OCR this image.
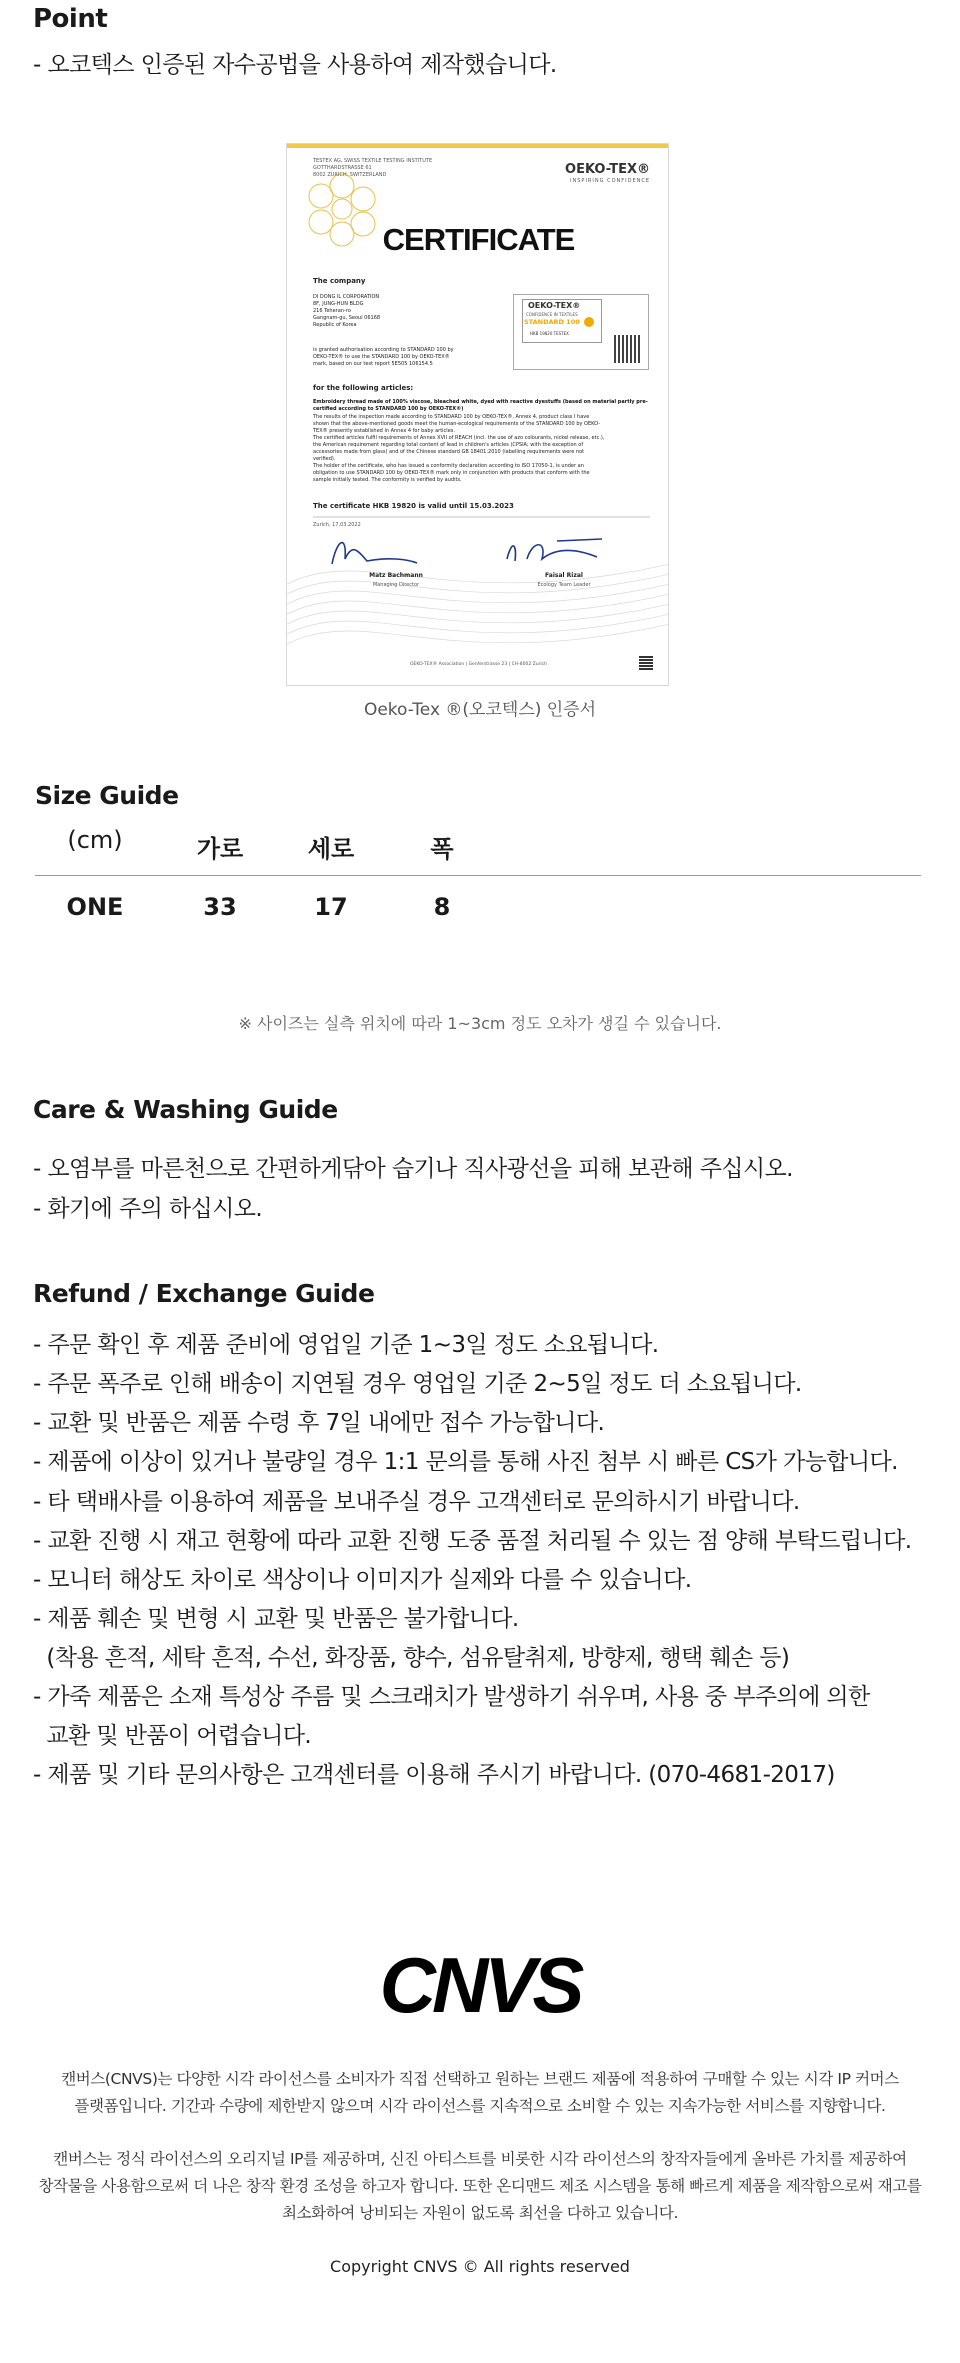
Point
- 오코텍스 인증된 자수공법을 사용하여 제작했습니다.
TESTEX AG, SWISS TEXTILE TESTING INSTITUTE
GOTTHARDSTRASSE 61
8002 ZURICH, SWITZERLAND	OEKO-TEX®
INSPIRING CONFIDENCE
CERTIFICATE
The company
DI DONG IL CORPORATION
8F, JUNG-HUN BLDG
216 Teheran-ro
Gangnam-gu, Seoul 06168
Republic of Korea
is granted authorisation according to STANDARD 100 by
OEKO-TEX® to use the STANDARD 100 by OEKO-TEX®
mark, based on our test report 5E505 106154.5
OEKO-TEX®
CONFIDENCE IN TEXTILES
STANDARD 100
HKB 19820 TESTEX
for the following articles:
Embroidery thread made of 100% viscose, bleached white, dyed with reactive dyestuffs (based on material partly pre-certified according to STANDARD 100 by OEKO-TEX®)
The results of the inspection made according to STANDARD 100 by OEKO-TEX®, Annex 4, product class I have
shown that the above-mentioned goods meet the human-ecological requirements of the STANDARD 100 by OEKO-
TEX® presently established in Annex 4 for baby articles.
The certified articles fulfil requirements of Annex XVII of REACH (incl. the use of azo colourants, nickel release, etc.),
the American requirement regarding total content of lead in children's articles (CPSIA; with the exception of
accessories made from glass) and of the Chinese standard GB 18401:2010 (labelling requirements were not
verified).
The holder of the certificate, who has issued a conformity declaration according to ISO 17050-1, is under an
obligation to use STANDARD 100 by OEKO-TEX® mark only in conjunction with products that conform with the
sample initially tested. The conformity is verified by audits.
The certificate HKB 19820 is valid until 15.03.2023
Zurich, 17.03.2022
Matz Bachmann
Managing Director
Faisal Rizal
Ecology Team Leader
OEKO-TEX® Association | Genferstrasse 23 | CH-8002 Zurich
Oeko-Tex ®(오코텍스) 인증서
Size Guide
(cm)	가로	세로	폭
ONE	33	17	8
※ 사이즈는 실측 위치에 따라 1~3cm 정도 오차가 생길 수 있습니다.
Care & Washing Guide
- 오염부를 마른천으로 간편하게닦아 습기나 직사광선을 피해 보관해 주십시오.
- 화기에 주의 하십시오.
Refund / Exchange Guide
- 주문 확인 후 제품 준비에 영업일 기준 1~3일 정도 소요됩니다.
- 주문 폭주로 인해 배송이 지연될 경우 영업일 기준 2~5일 정도 더 소요됩니다.
- 교환 및 반품은 제품 수령 후 7일 내에만 접수 가능합니다.
- 제품에 이상이 있거나 불량일 경우 1:1 문의를 통해 사진 첨부 시 빠른 CS가 가능합니다.
- 타 택배사를 이용하여 제품을 보내주실 경우 고객센터로 문의하시기 바랍니다.
- 교환 진행 시 재고 현황에 따라 교환 진행 도중 품절 처리될 수 있는 점 양해 부탁드립니다.
- 모니터 해상도 차이로 색상이나 이미지가 실제와 다를 수 있습니다.
- 제품 훼손 및 변형 시 교환 및 반품은 불가합니다.
(착용 흔적, 세탁 흔적, 수선, 화장품, 향수, 섬유탈취제, 방향제, 행택 훼손 등)
- 가죽 제품은 소재 특성상 주름 및 스크래치가 발생하기 쉬우며, 사용 중 부주의에 의한
교환 및 반품이 어렵습니다.
- 제품 및 기타 문의사항은 고객센터를 이용해 주시기 바랍니다. (070-4681-2017)
CNVS
캔버스(CNVS)는 다양한 시각 라이선스를 소비자가 직접 선택하고 원하는 브랜드 제품에 적용하여 구매할 수 있는 시각 IP 커머스
플랫폼입니다. 기간과 수량에 제한받지 않으며 시각 라이선스를 지속적으로 소비할 수 있는 지속가능한 서비스를 지향합니다.
캔버스는 정식 라이선스의 오리지널 IP를 제공하며, 신진 아티스트를 비롯한 시각 라이선스의 창작자들에게 올바른 가치를 제공하여
창작물을 사용함으로써 더 나은 창작 환경 조성을 하고자 합니다. 또한 온디맨드 제조 시스템을 통해 빠르게 제품을 제작함으로써 재고를
최소화하여 낭비되는 자원이 없도록 최선을 다하고 있습니다.
Copyright CNVS © All rights reserved
